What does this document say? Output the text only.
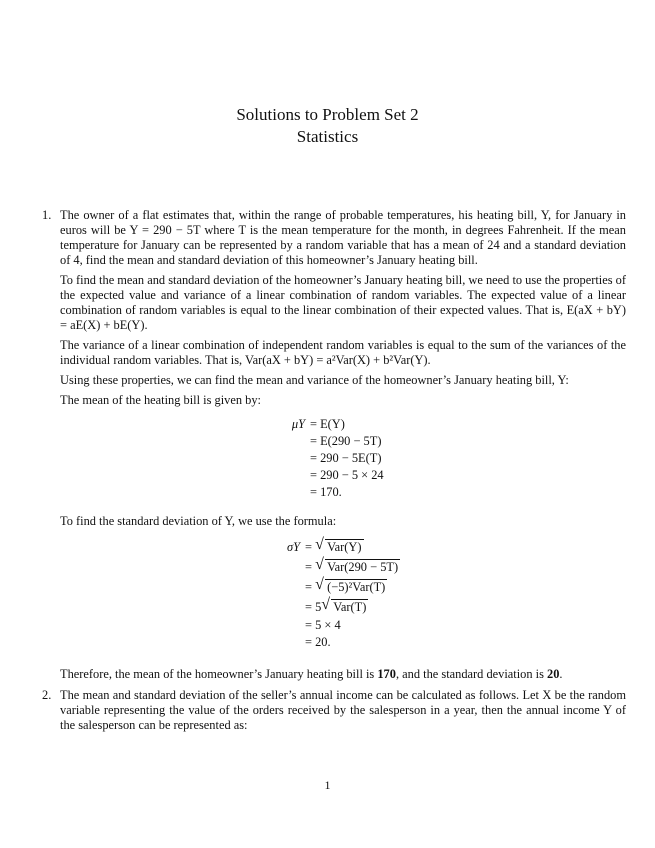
Solutions to Problem Set 2
Statistics
1. The owner of a flat estimates that, within the range of probable temperatures, his heating bill, Y, for January in euros will be Y = 290 − 5T where T is the mean temperature for the month, in degrees Fahrenheit. If the mean temperature for January can be represented by a random variable that has a mean of 24 and a standard deviation of 4, find the mean and standard deviation of this homeowner’s January heating bill.

To find the mean and standard deviation of the homeowner’s January heating bill, we need to use the properties of the expected value and variance of a linear combination of random variables. The expected value of a linear combination of random variables is equal to the linear combination of their expected values. That is, E(aX + bY) = aE(X) + bE(Y).

The variance of a linear combination of independent random variables is equal to the sum of the variances of the individual random variables. That is, Var(aX + bY) = a²Var(X) + b²Var(Y).

Using these properties, we can find the mean and variance of the homeowner’s January heating bill, Y:

The mean of the heating bill is given by:

μY = E(Y)
= E(290 − 5T)
= 290 − 5E(T)
= 290 − 5 × 24
= 170.

To find the standard deviation of Y, we use the formula:

σY = √ Var(Y)
= √ Var(290 − 5T)
= √ (−5)²Var(T)
= 5 √ Var(T)
= 5 × 4
= 20.

Therefore, the mean of the homeowner’s January heating bill is 170, and the standard deviation is 20.

2. The mean and standard deviation of the seller’s annual income can be calculated as follows. Let X be the random variable representing the value of the orders received by the salesperson in a year, then the annual income Y of the salesperson can be represented as:

1
